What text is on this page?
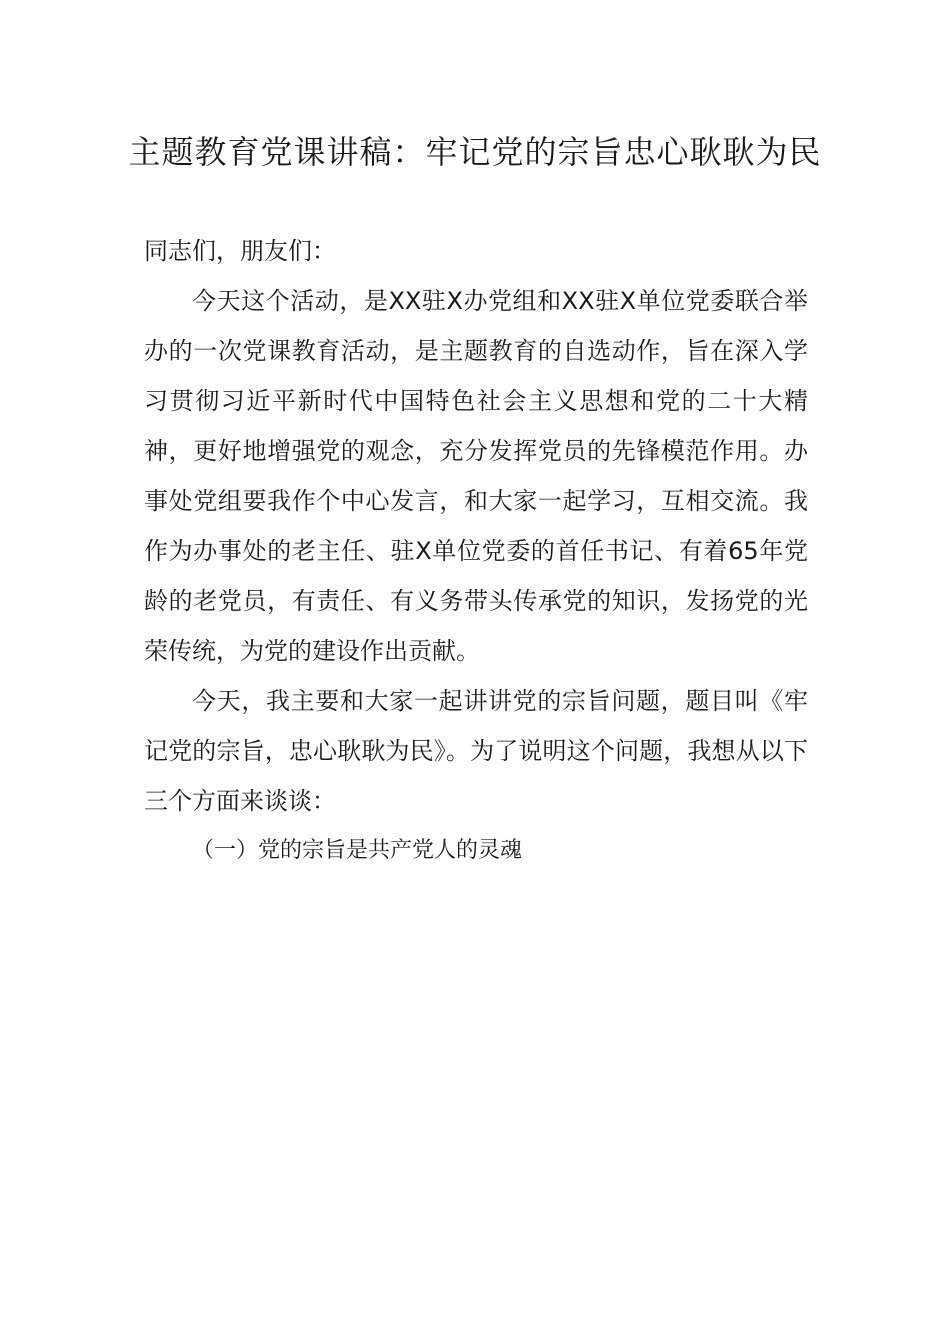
主题教育党课讲稿：牢记党的宗旨忠心耿耿为民

同志们，朋友们：

今天这个活动，是XX驻X办党组和XX驻X单位党委联合举办的一次党课教育活动，是主题教育的自选动作，旨在深入学习贯彻习近平新时代中国特色社会主义思想和党的二十大精神，更好地增强党的观念，充分发挥党员的先锋模范作用。办事处党组要我作个中心发言，和大家一起学习，互相交流。我作为办事处的老主任、驻X单位党委的首任书记、有着65年党龄的老党员，有责任、有义务带头传承党的知识，发扬党的光荣传统，为党的建设作出贡献。

今天，我主要和大家一起讲讲党的宗旨问题，题目叫《牢记党的宗旨，忠心耿耿为民》。为了说明这个问题，我想从以下三个方面来谈谈：

（一）党的宗旨是共产党人的灵魂
